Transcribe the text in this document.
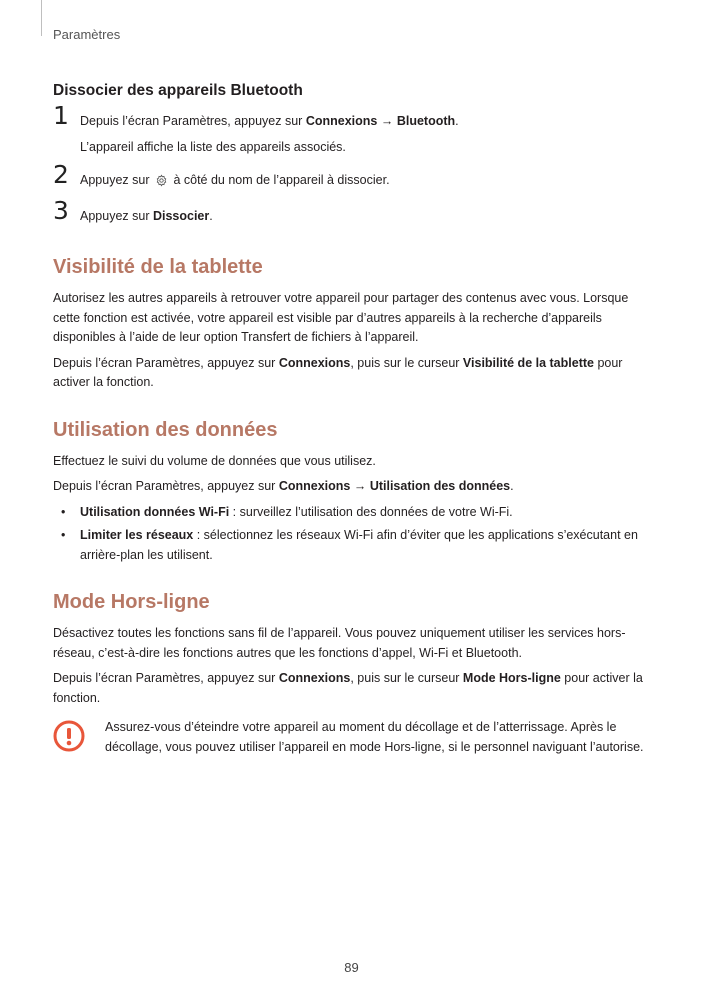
Paramètres
Dissocier des appareils Bluetooth
1 Depuis l’écran Paramètres, appuyez sur Connexions → Bluetooth.

L’appareil affiche la liste des appareils associés.

2 Appuyez sur  à côté du nom de l’appareil à dissocier.

3 Appuyez sur Dissocier.

Visibilité de la tablette

Autorisez les autres appareils à retrouver votre appareil pour partager des contenus avec vous. Lorsque cette fonction est activée, votre appareil est visible par d’autres appareils à la recherche d’appareils disponibles à l’aide de leur option Transfert de fichiers à l’appareil.

Depuis l’écran Paramètres, appuyez sur Connexions, puis sur le curseur Visibilité de la tablette pour activer la fonction.

Utilisation des données

Effectuez le suivi du volume de données que vous utilisez.

Depuis l’écran Paramètres, appuyez sur Connexions → Utilisation des données.

• Utilisation données Wi-Fi : surveillez l’utilisation des données de votre Wi-Fi.
• Limiter les réseaux : sélectionnez les réseaux Wi-Fi afin d’éviter que les applications s’exécutant en arrière-plan les utilisent.
Mode Hors-ligne

Désactivez toutes les fonctions sans fil de l’appareil. Vous pouvez uniquement utiliser les services hors-réseau, c’est-à-dire les fonctions autres que les fonctions d’appel, Wi-Fi et Bluetooth.

Depuis l’écran Paramètres, appuyez sur Connexions, puis sur le curseur Mode Hors-ligne pour activer la fonction.

Assurez-vous d’éteindre votre appareil au moment du décollage et de l’atterrissage. Après le décollage, vous pouvez utiliser l’appareil en mode Hors-ligne, si le personnel naviguant l’autorise.
89
